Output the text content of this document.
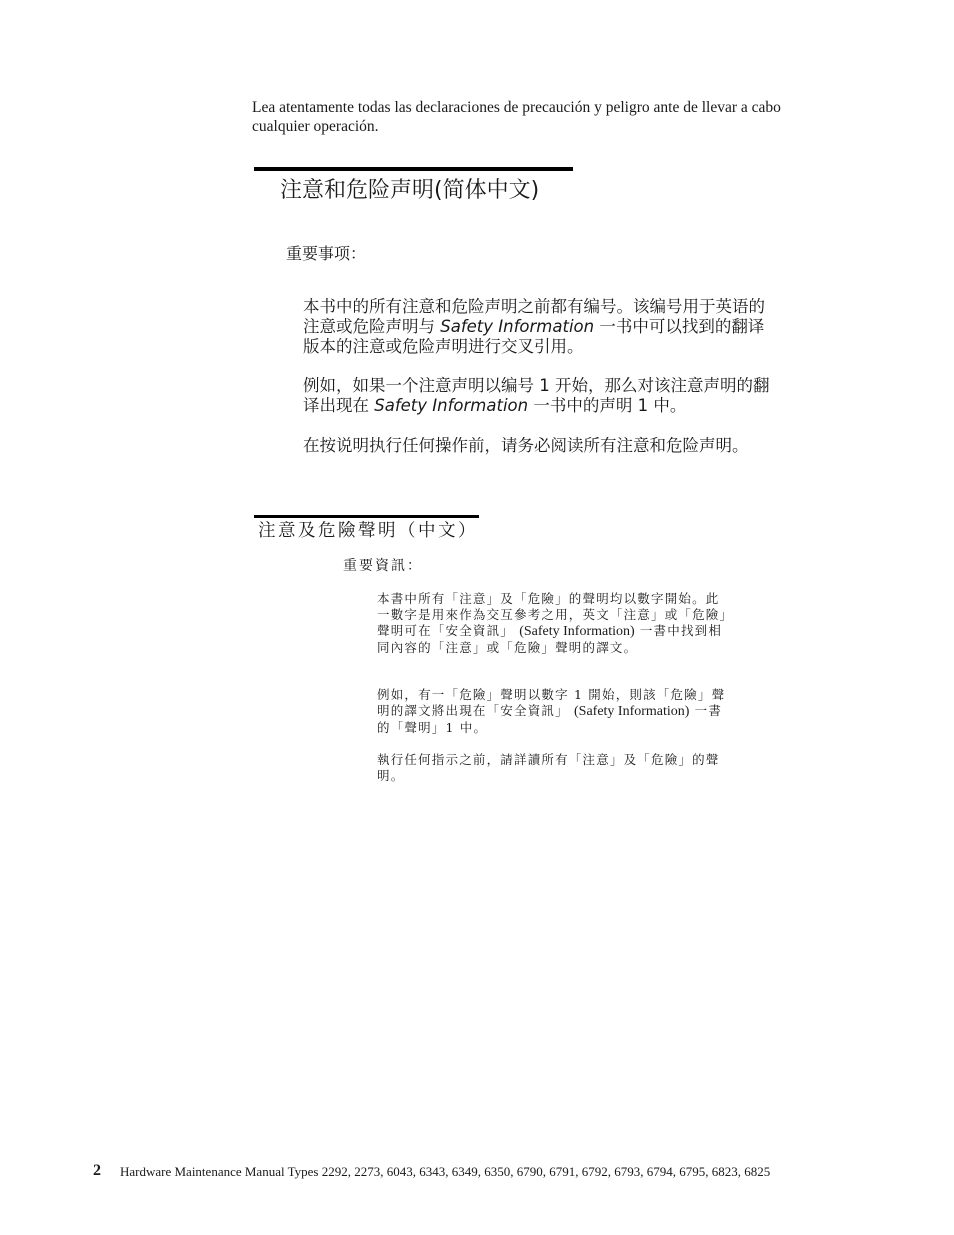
Lea atentamente todas las declaraciones de precaución y peligro ante de llevar a cabo cualquier operación.
注意和危险声明(简体中文)
重要事项：
本书中的所有注意和危险声明之前都有编号。该编号用于英语的注意或危险声明与 Safety Information 一书中可以找到的翻译版本的注意或危险声明进行交叉引用。
例如，如果一个注意声明以编号 1 开始，那么对该注意声明的翻译出现在 Safety Information 一书中的声明 1 中。
在按说明执行任何操作前，请务必阅读所有注意和危险声明。
注意及危險聲明（中文）
重要資訊：
本書中所有「注意」及「危險」的聲明均以數字開始。此一數字是用來作為交互參考之用，英文「注意」或「危險」聲明可在「安全資訊」 (Safety Information) 一書中找到相同內容的「注意」或「危險」聲明的譯文。
例如，有一「危險」聲明以數字 1 開始，則該「危險」聲明的譯文將出現在「安全資訊」 (Safety Information) 一書的「聲明」1 中。
執行任何指示之前，請詳讀所有「注意」及「危險」的聲明。
2 Hardware Maintenance Manual Types 2292, 2273, 6043, 6343, 6349, 6350, 6790, 6791, 6792, 6793, 6794, 6795, 6823, 6825
